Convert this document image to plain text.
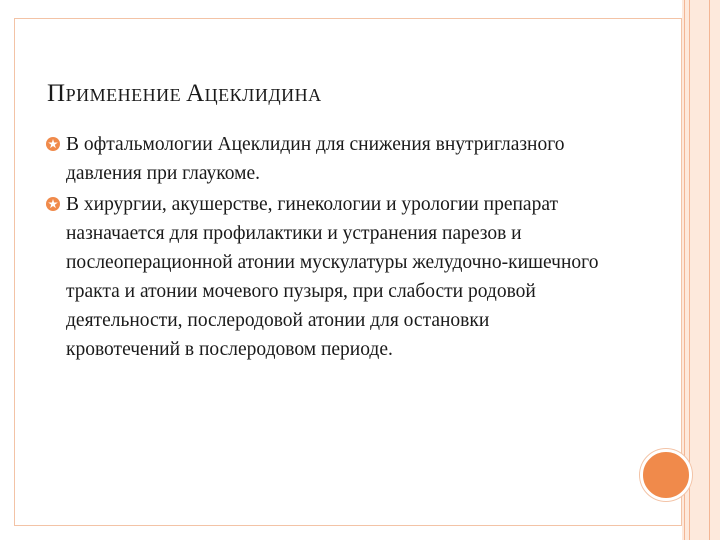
ПРИМЕНЕНИЕ АЦЕКЛИДИНА
В офтальмологии Ацеклидин для снижения внутриглазного давления при глаукоме.
В хирургии, акушерстве, гинекологии и урологии препарат назначается для профилактики и устранения парезов и послеоперационной атонии мускулатуры желудочно-кишечного тракта и атонии мочевого пузыря, при слабости родовой деятельности, послеродовой атонии для остановки кровотечений в послеродовом периоде.
